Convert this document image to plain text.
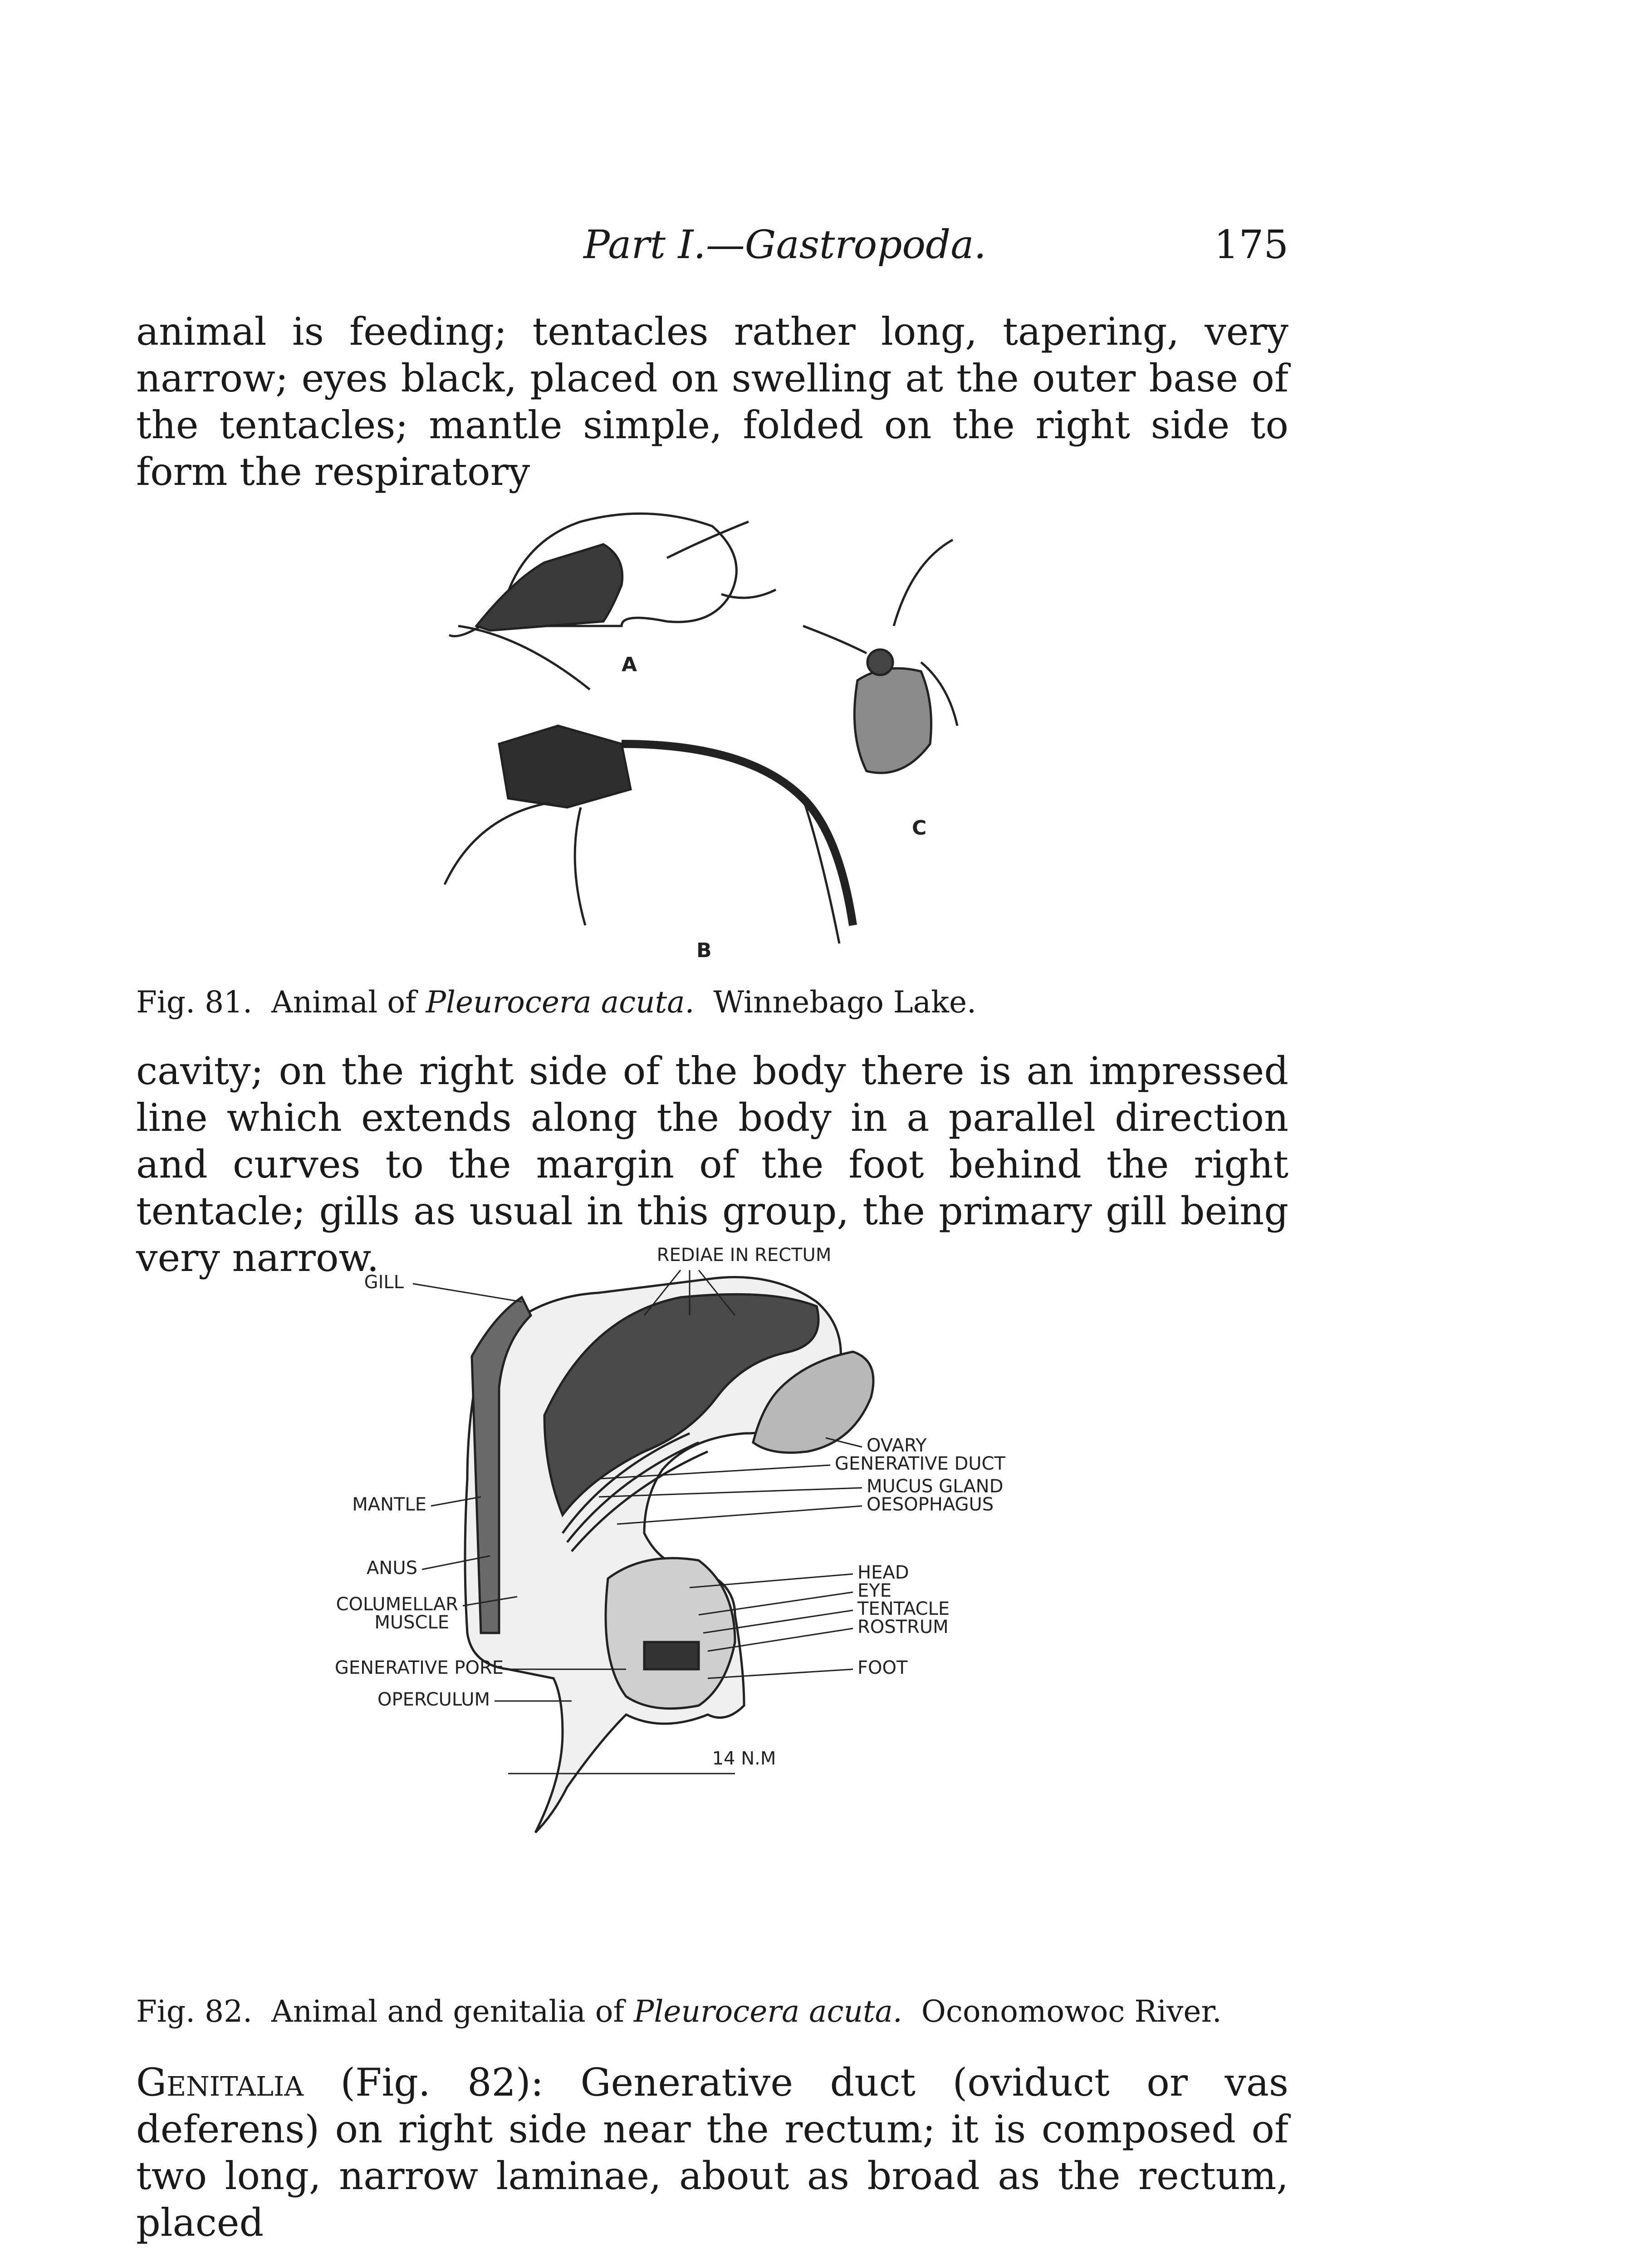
Part I.—Gastropoda.	175

animal is feeding; tentacles rather long, tapering, very narrow; eyes black, placed on swelling at the outer base of the tentacles; mantle simple, folded on the right side to form the respiratory

A
B
C

Fig. 81.  Animal of Pleurocera acuta.  Winnebago Lake.

cavity; on the right side of the body there is an impressed line which extends along the body in a parallel direction and curves to the margin of the foot behind the right tentacle; gills as usual in this group, the primary gill being very narrow.	REDIAE IN RECTUM
GILL
OVARY
GENERATIVE DUCT
MUCUS GLAND
OESOPHAGUS
MANTLE
ANUS
COLUMELLAR
MUSCLE
HEAD
EYE
TENTACLE
ROSTRUM
GENERATIVE PORE	FOOT
OPERCULUM
14 N.M

Fig. 82.  Animal and genitalia of Pleurocera acuta.  Oconomowoc River.

Genitalia (Fig. 82): Generative duct (oviduct or vas deferens) on right side near the rectum; it is composed of two long, narrow laminae, about as broad as the rectum, placed
